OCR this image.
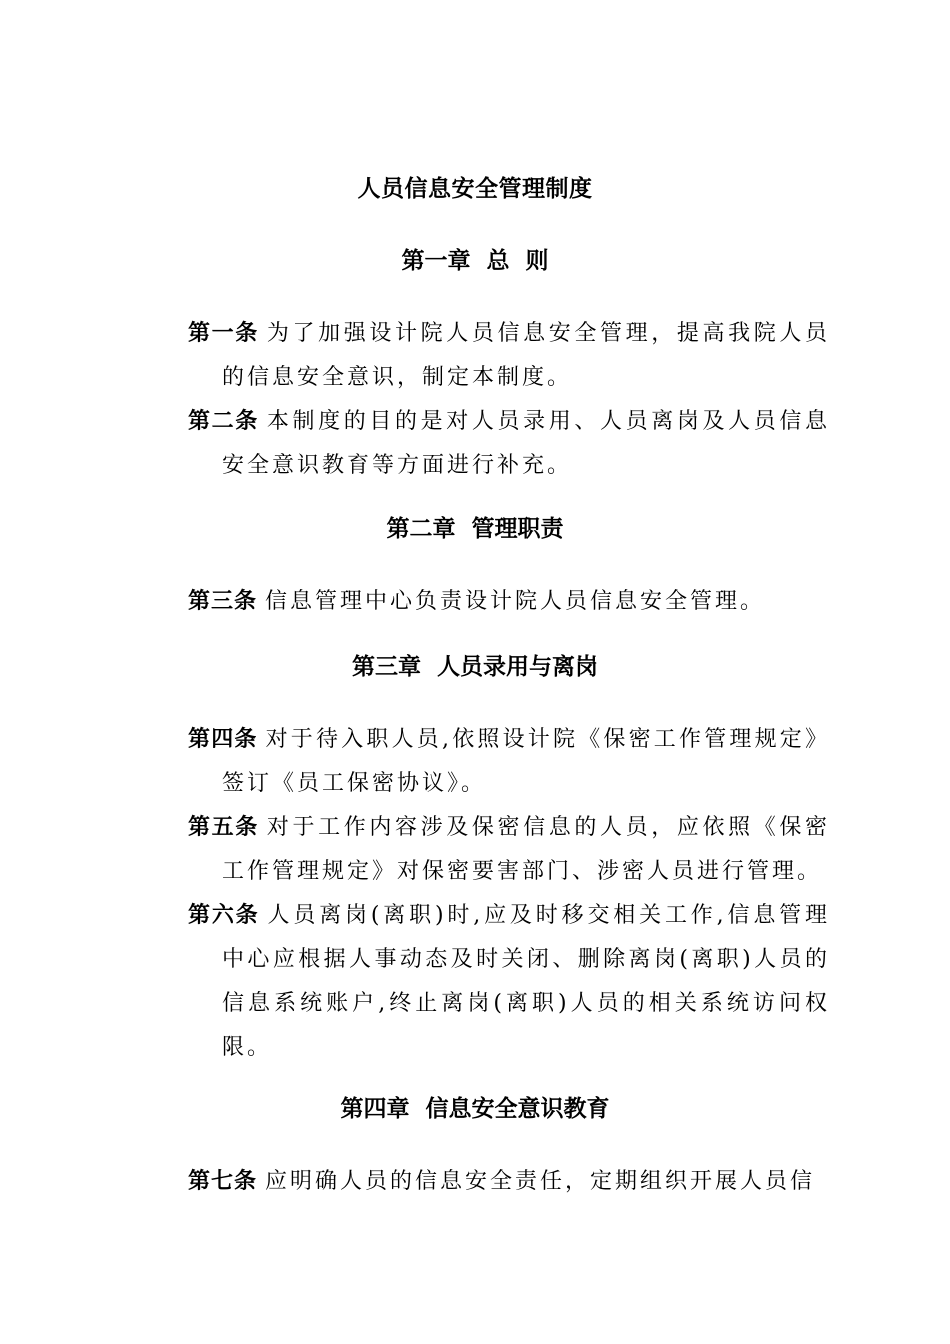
人员信息安全管理制度
第一章  总  则
第一条 为了加强设计院人员信息安全管理，提高我院人员的信息安全意识，制定本制度。
第二条 本制度的目的是对人员录用、人员离岗及人员信息安全意识教育等方面进行补充。
第二章  管理职责
第三条 信息管理中心负责设计院人员信息安全管理。
第三章  人员录用与离岗
第四条 对于待入职人员,依照设计院《保密工作管理规定》签订《员工保密协议》。
第五条 对于工作内容涉及保密信息的人员，应依照《保密工作管理规定》对保密要害部门、涉密人员进行管理。
第六条 人员离岗(离职)时,应及时移交相关工作,信息管理中心应根据人事动态及时关闭、删除离岗(离职)人员的信息系统账户,终止离岗(离职)人员的相关系统访问权限。
第四章  信息安全意识教育
第七条 应明确人员的信息安全责任，定期组织开展人员信
